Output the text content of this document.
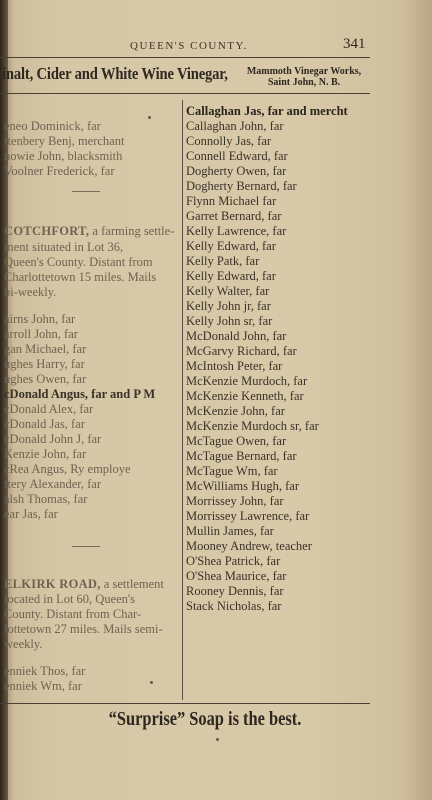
QUEEN'S COUNTY.	341
inalt, Cider and White Wine Vinegar,	Mammoth Vinegar Works,
Saint John, N. B.
eneo Dominick, far
ttenbery Benj, merchant
nowie John, blacksmith
Voolner Frederick, far
COTCHFORT, a farming settle-
ment situated in Lot 36,
Queen's County. Distant from
Charlottetown 15 miles. Mails
bi-weekly.
airns John, far
arroll John, far
gan Michael, far
ughes Harry, far
ughes Owen, far
cDonald Angus, far and P M
cDonald Alex, far
cDonald Jas, far
cDonald John J, far
Kenzie John, far
cRea Angus, Ry employe
ttery Alexander, far
alsh Thomas, far
ear Jas, far
ELKIRK ROAD, a settlement
located in Lot 60, Queen's
County. Distant from Char-
lottetown 27 miles. Mails semi-
weekly.
enniek Thos, far
enniek Wm, far
Callaghan Jas, far and mercht
Callaghan John, far
Connolly Jas, far
Connell Edward, far
Dogherty Owen, far
Dogherty Bernard, far
Flynn Michael far
Garret Bernard, far
Kelly Lawrence, far
Kelly Edward, far
Kelly Patk, far
Kelly Edward, far
Kelly Walter, far
Kelly John jr, far
Kelly John sr, far
McDonald John, far
McGarvy Richard, far
McIntosh Peter, far
McKenzie Murdoch, far
McKenzie Kenneth, far
McKenzie John, far
McKenzie Murdoch sr, far
McTague Owen, far
McTague Bernard, far
McTague Wm, far
McWilliams Hugh, far
Morrissey John, far
Morrissey Lawrence, far
Mullin James, far
Mooney Andrew, teacher
O'Shea Patrick, far
O'Shea Maurice, far
Rooney Dennis, far
Stack Nicholas, far
“Surprise” Soap is the best.
